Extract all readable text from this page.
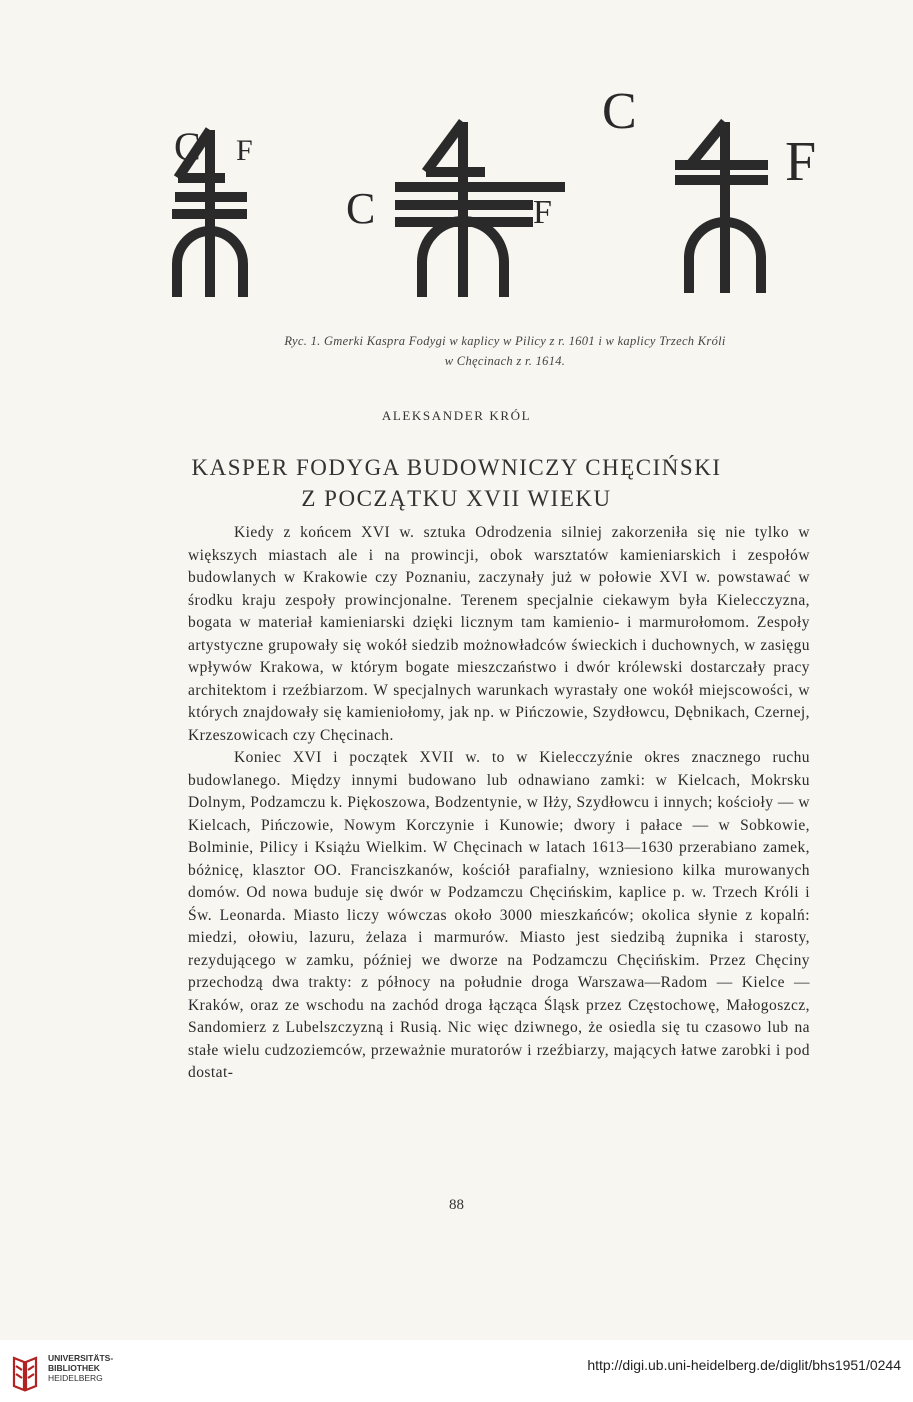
C F
C	F
C
F
Ryc. 1. Gmerki Kaspra Fodygi w kaplicy w Pilicy z r. 1601 i w kaplicy Trzech Króli
w Chęcinach z r. 1614.
ALEKSANDER KRÓL
KASPER FODYGA BUDOWNICZY CHĘCIŃSKI
Z POCZĄTKU XVII WIEKU

Kiedy z końcem XVI w. sztuka Odrodzenia silniej zakorzeniła się nie tylko w większych miastach ale i na prowincji, obok warsztatów kamieniarskich i zespołów budowlanych w Krakowie czy Poznaniu, zaczynały już w połowie XVI w. powstawać w środku kraju zespoły prowincjonalne. Terenem specjalnie ciekawym była Kielecczyzna, bogata w materiał kamieniarski dzięki licznym tam kamienio- i marmurołomom. Zespoły artystyczne grupowały się wokół siedzib możnowładców świeckich i duchownych, w zasięgu wpływów Krakowa, w którym bogate mieszczaństwo i dwór królewski dostarczały pracy architektom i rzeźbiarzom. W specjalnych warunkach wyrastały one wokół miejscowości, w których znajdowały się kamieniołomy, jak np. w Pińczowie, Szydłowcu, Dębnikach, Czernej, Krzeszowicach czy Chęcinach.

Koniec XVI i początek XVII w. to w Kielecczyźnie okres znacznego ruchu budowlanego. Między innymi budowano lub odnawiano zamki: w Kielcach, Mokrsku Dolnym, Podzamczu k. Piękoszowa, Bodzentynie, w Iłży, Szydłowcu i innych; kościoły — w Kielcach, Pińczowie, Nowym Korczynie i Kunowie; dwory i pałace — w Sobkowie, Bolminie, Pilicy i Książu Wielkim. W Chęcinach w latach 1613—1630 przerabiano zamek, bóżnicę, klasztor OO. Franciszkanów, kościół parafialny, wzniesiono kilka murowanych domów. Od nowa buduje się dwór w Podzamczu Chęcińskim, kaplice p. w. Trzech Króli i Św. Leonarda. Miasto liczy wówczas około 3000 mieszkańców; okolica słynie z kopalń: miedzi, ołowiu, lazuru, żelaza i marmurów. Miasto jest siedzibą żupnika i starosty, rezydującego w zamku, później we dworze na Podzamczu Chęcińskim. Przez Chęciny przechodzą dwa trakty: z północy na południe droga Warszawa—Radom — Kielce — Kraków, oraz ze wschodu na zachód droga łącząca Śląsk przez Częstochowę, Małogoszcz, Sandomierz z Lubelszczyzną i Rusią. Nic więc dziwnego, że osiedla się tu czasowo lub na stałe wielu cudzoziemców, przeważnie muratorów i rzeźbiarzy, mających łatwe zarobki i pod dostat-

88
UNIVERSITÄTS-
BIBLIOTHEK
HEIDELBERG
http://digi.ub.uni-heidelberg.de/diglit/bhs1951/0244
